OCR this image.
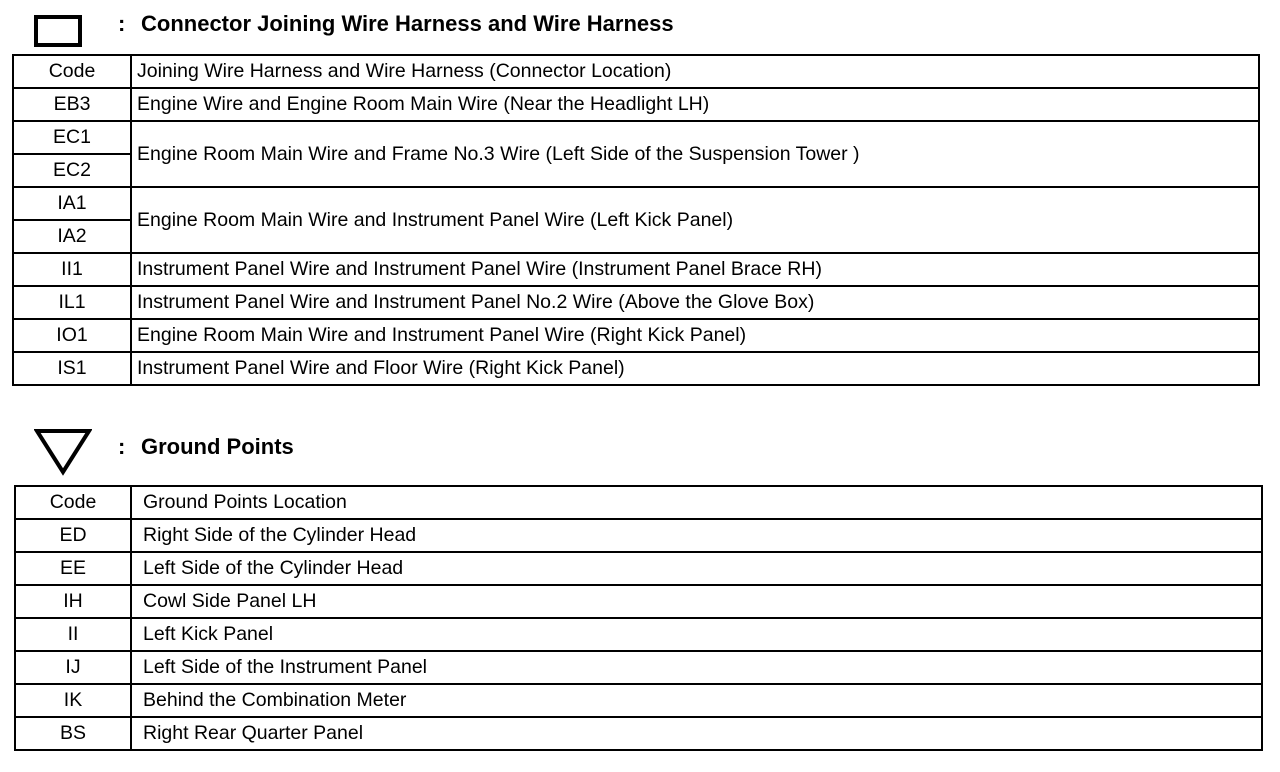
: Connector Joining Wire Harness and Wire Harness
Code	Joining Wire Harness and Wire Harness (Connector Location)
EB3	Engine Wire and Engine Room Main Wire (Near the Headlight LH)
EC1	Engine Room Main Wire and Frame No.3 Wire (Left Side of the Suspension Tower )
EC2	
IA1	Engine Room Main Wire and Instrument Panel Wire (Left Kick Panel)
IA2	
II1	Instrument Panel Wire and Instrument Panel Wire (Instrument Panel Brace RH)
IL1	Instrument Panel Wire and Instrument Panel No.2 Wire (Above the Glove Box)
IO1	Engine Room Main Wire and Instrument Panel Wire (Right Kick Panel)
IS1	Instrument Panel Wire and Floor Wire (Right Kick Panel)
: Ground Points
Code	Ground Points Location
ED	Right Side of the Cylinder Head
EE	Left Side of the Cylinder Head
IH	Cowl Side Panel LH
II	Left Kick Panel
IJ	Left Side of the Instrument Panel
IK	Behind the Combination Meter
BS	Right Rear Quarter Panel
